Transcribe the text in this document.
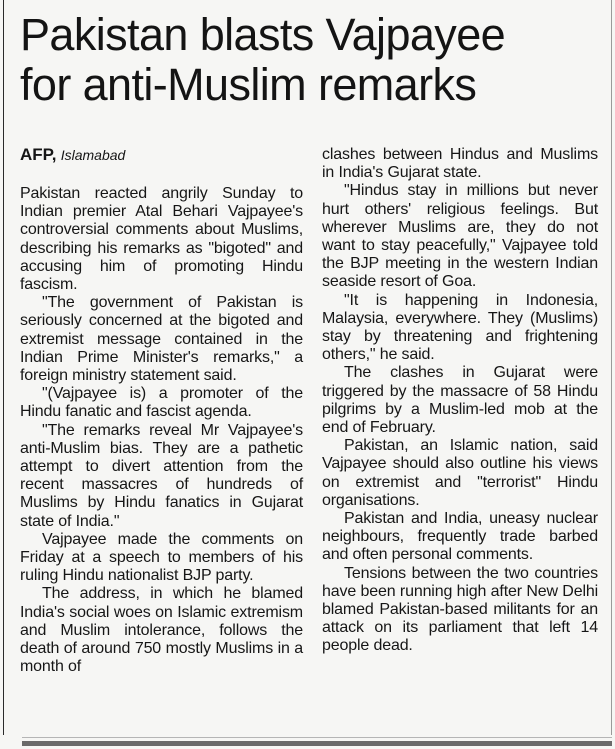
Pakistan blasts Vajpayee
for anti-Muslim remarks
AFP, Islamabad

Pakistan reacted angrily Sunday to Indian premier Atal Behari Vajpayee's controversial comments about Muslims, describing his remarks as "bigoted" and accusing him of promoting Hindu fascism.

"The government of Pakistan is seriously concerned at the bigoted and extremist message contained in the Indian Prime Minister's remarks," a foreign ministry statement said.

"(Vajpayee is) a promoter of the Hindu fanatic and fascist agenda.

"The remarks reveal Mr Vajpayee's anti-Muslim bias. They are a pathetic attempt to divert attention from the recent massacres of hundreds of Muslims by Hindu fanatics in Gujarat state of India."

Vajpayee made the comments on Friday at a speech to members of his ruling Hindu nationalist BJP party.

The address, in which he blamed India's social woes on Islamic extremism and Muslim intolerance, follows the death of around 750 mostly Muslims in a month of

clashes between Hindus and Muslims in India's Gujarat state.

"Hindus stay in millions but never hurt others' religious feelings. But wherever Muslims are, they do not want to stay peacefully," Vajpayee told the BJP meeting in the western Indian seaside resort of Goa.

"It is happening in Indonesia, Malaysia, everywhere. They (Muslims) stay by threatening and frightening others," he said.

The clashes in Gujarat were triggered by the massacre of 58 Hindu pilgrims by a Muslim-led mob at the end of February.

Pakistan, an Islamic nation, said Vajpayee should also outline his views on extremist and "terrorist" Hindu organisations.

Pakistan and India, uneasy nuclear neighbours, frequently trade barbed and often personal comments.

Tensions between the two countries have been running high after New Delhi blamed Pakistan-based militants for an attack on its parliament that left 14 people dead.
